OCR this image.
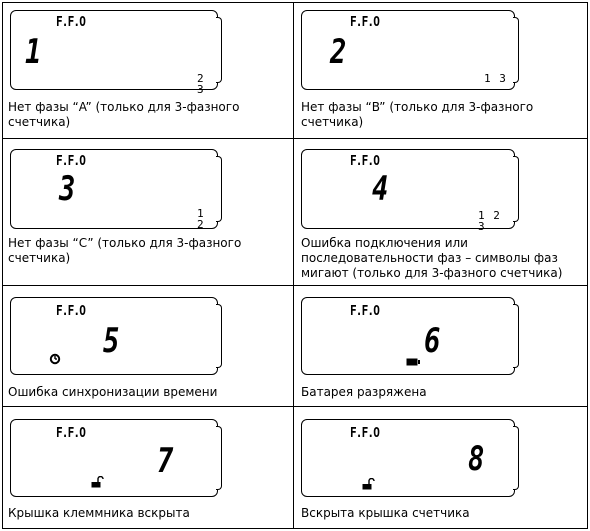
F.F.O
1
2 3
Нет фазы “A” (только для 3-фазного счетчика)
F.F.O
2
1 3
Нет фазы “B” (только для 3-фазного счетчика)
F.F.O
3
1 2
Нет фазы “C” (только для 3-фазного счетчика)
F.F.O
4
1 2 3
Ошибка подключения или последовательности фаз – символы фаз мигают (только для 3-фазного счетчика)
F.F.O
5
Ошибка синхронизации времени
F.F.O
6
Батарея разряжена
F.F.O
7
Крышка клеммника вскрыта
F.F.O
8
Вскрыта крышка счетчика
